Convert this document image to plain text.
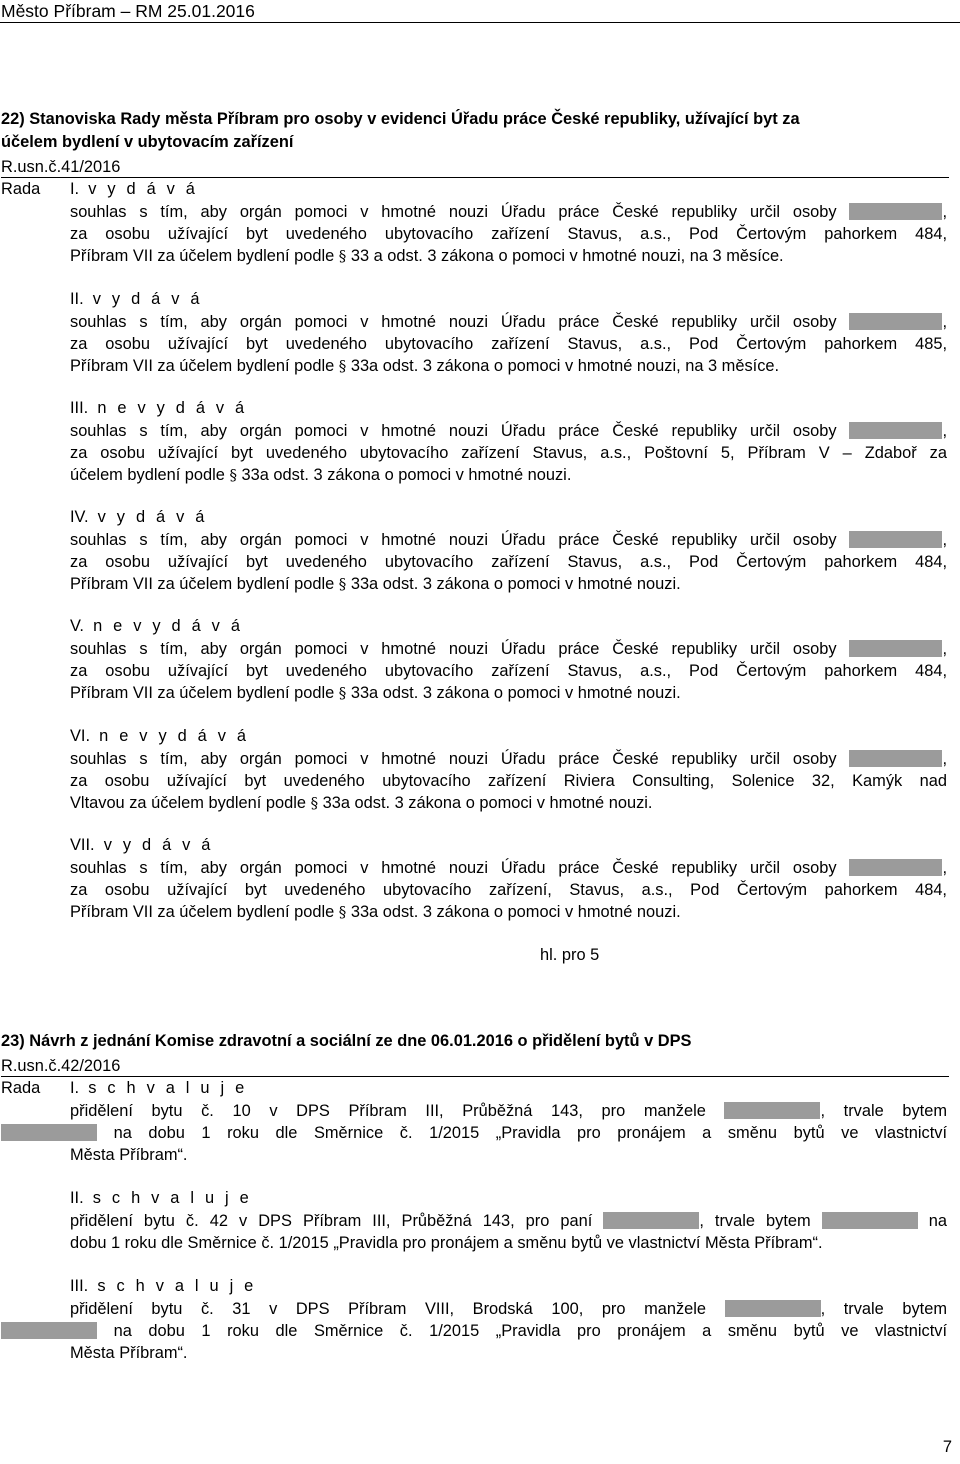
Město Příbram – RM 25.01.2016
22) Stanoviska Rady města Příbram pro osoby v evidenci Úřadu práce České republiky, užívající byt za
účelem bydlení v ubytovacím zařízení
R.usn.č.41/2016
Rada I. v y d á v á
souhlas s tím, aby orgán pomoci v hmotné nouzi Úřadu práce České republiky určil osoby	,
za osobu užívající byt uvedeného ubytovacího zařízení Stavus, a.s., Pod Čertovým pahorkem 484,
Příbram VII za účelem bydlení podle § 33 a odst. 3 zákona o pomoci v hmotné nouzi, na 3 měsíce.
II. v y d á v á
souhlas s tím, aby orgán pomoci v hmotné nouzi Úřadu práce České republiky určil osoby	,
za osobu užívající byt uvedeného ubytovacího zařízení Stavus, a.s., Pod Čertovým pahorkem 485,
Příbram VII za účelem bydlení podle § 33a odst. 3 zákona o pomoci v hmotné nouzi, na 3 měsíce.
III. n e v y d á v á
souhlas s tím, aby orgán pomoci v hmotné nouzi Úřadu práce České republiky určil osoby	,
za osobu užívající byt uvedeného ubytovacího zařízení Stavus, a.s., Poštovní 5, Příbram V – Zdaboř za
účelem bydlení podle § 33a odst. 3 zákona o pomoci v hmotné nouzi.
IV. v y d á v á
souhlas s tím, aby orgán pomoci v hmotné nouzi Úřadu práce České republiky určil osoby	,
za osobu užívající byt uvedeného ubytovacího zařízení Stavus, a.s., Pod Čertovým pahorkem 484,
Příbram VII za účelem bydlení podle § 33a odst. 3 zákona o pomoci v hmotné nouzi.
V. n e v y d á v á
souhlas s tím, aby orgán pomoci v hmotné nouzi Úřadu práce České republiky určil osoby	,
za osobu užívající byt uvedeného ubytovacího zařízení Stavus, a.s., Pod Čertovým pahorkem 484,
Příbram VII za účelem bydlení podle § 33a odst. 3 zákona o pomoci v hmotné nouzi.
VI. n e v y d á v á
souhlas s tím, aby orgán pomoci v hmotné nouzi Úřadu práce České republiky určil osoby	,
za osobu užívající byt uvedeného ubytovacího zařízení Riviera Consulting, Solenice 32, Kamýk nad
Vltavou za účelem bydlení podle § 33a odst. 3 zákona o pomoci v hmotné nouzi.
VII. v y d á v á
souhlas s tím, aby orgán pomoci v hmotné nouzi Úřadu práce České republiky určil osoby	,
za osobu užívající byt uvedeného ubytovacího zařízení, Stavus, a.s., Pod Čertovým pahorkem 484,
Příbram VII za účelem bydlení podle § 33a odst. 3 zákona o pomoci v hmotné nouzi.
hl. pro 5
23) Návrh z jednání Komise zdravotní a sociální ze dne 06.01.2016 o přidělení bytů v DPS
R.usn.č.42/2016
Rada I. s c h v a l u j e
přidělení bytu č. 10 v DPS Příbram III, Průběžná 143, pro manžele	, trvale bytem
na dobu 1 roku dle Směrnice č. 1/2015 „Pravidla pro pronájem a směnu bytů ve vlastnictví
Města Příbram“.
II. s c h v a l u j e
přidělení bytu č. 42 v DPS Příbram III, Průběžná 143, pro paní	, trvale bytem	na
dobu 1 roku dle Směrnice č. 1/2015 „Pravidla pro pronájem a směnu bytů ve vlastnictví Města Příbram“.
III. s c h v a l u j e
přidělení bytu č. 31 v DPS Příbram VIII, Brodská 100, pro manžele	, trvale bytem
na dobu 1 roku dle Směrnice č. 1/2015 „Pravidla pro pronájem a směnu bytů ve vlastnictví
Města Příbram“.
7
